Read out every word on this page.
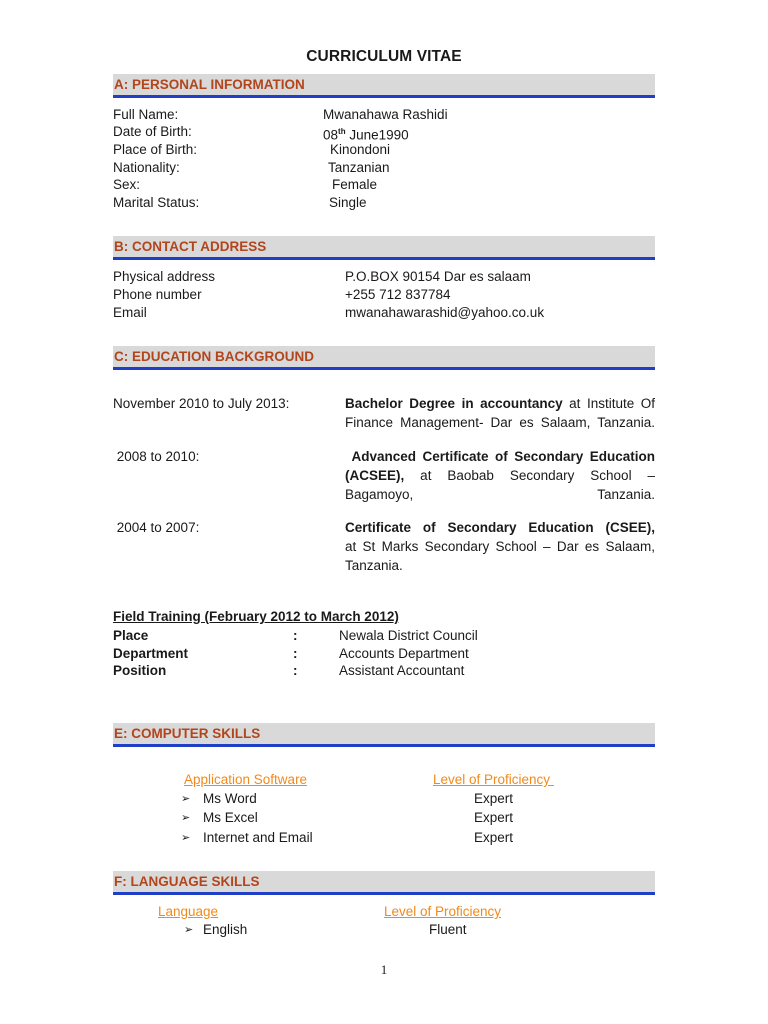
CURRICULUM VITAE
A: PERSONAL INFORMATION
Full Name:	Mwanahawa Rashidi
Date of Birth:	08th June1990
Place of Birth:	Kinondoni
Nationality:	Tanzanian
Sex:	Female
Marital Status:	Single
B: CONTACT ADDRESS
Physical address	P.O.BOX 90154 Dar es salaam
Phone number	+255 712 837784
Email	mwanahawarashid@yahoo.co.uk
C: EDUCATION BACKGROUND
November 2010 to July 2013:	Bachelor Degree in accountancy at Institute Of Finance Management- Dar es Salaam, Tanzania.
2008 to 2010:	Advanced Certificate of Secondary Education (ACSEE), at Baobab Secondary School – Bagamoyo, Tanzania.
2004 to 2007:	Certificate of Secondary Education (CSEE),        at St Marks Secondary School – Dar es Salaam, Tanzania.
Field Training (February 2012 to March 2012)
Place	:	Newala District Council
Department	:	Accounts Department
Position	:	Assistant Accountant
E: COMPUTER SKILLS
Application Software	Level of Proficiency
➢ Ms Word	Expert
➢ Ms Excel	Expert
➢ Internet and Email	Expert
F: LANGUAGE SKILLS
Language	Level of Proficiency
➢ English	Fluent
1
